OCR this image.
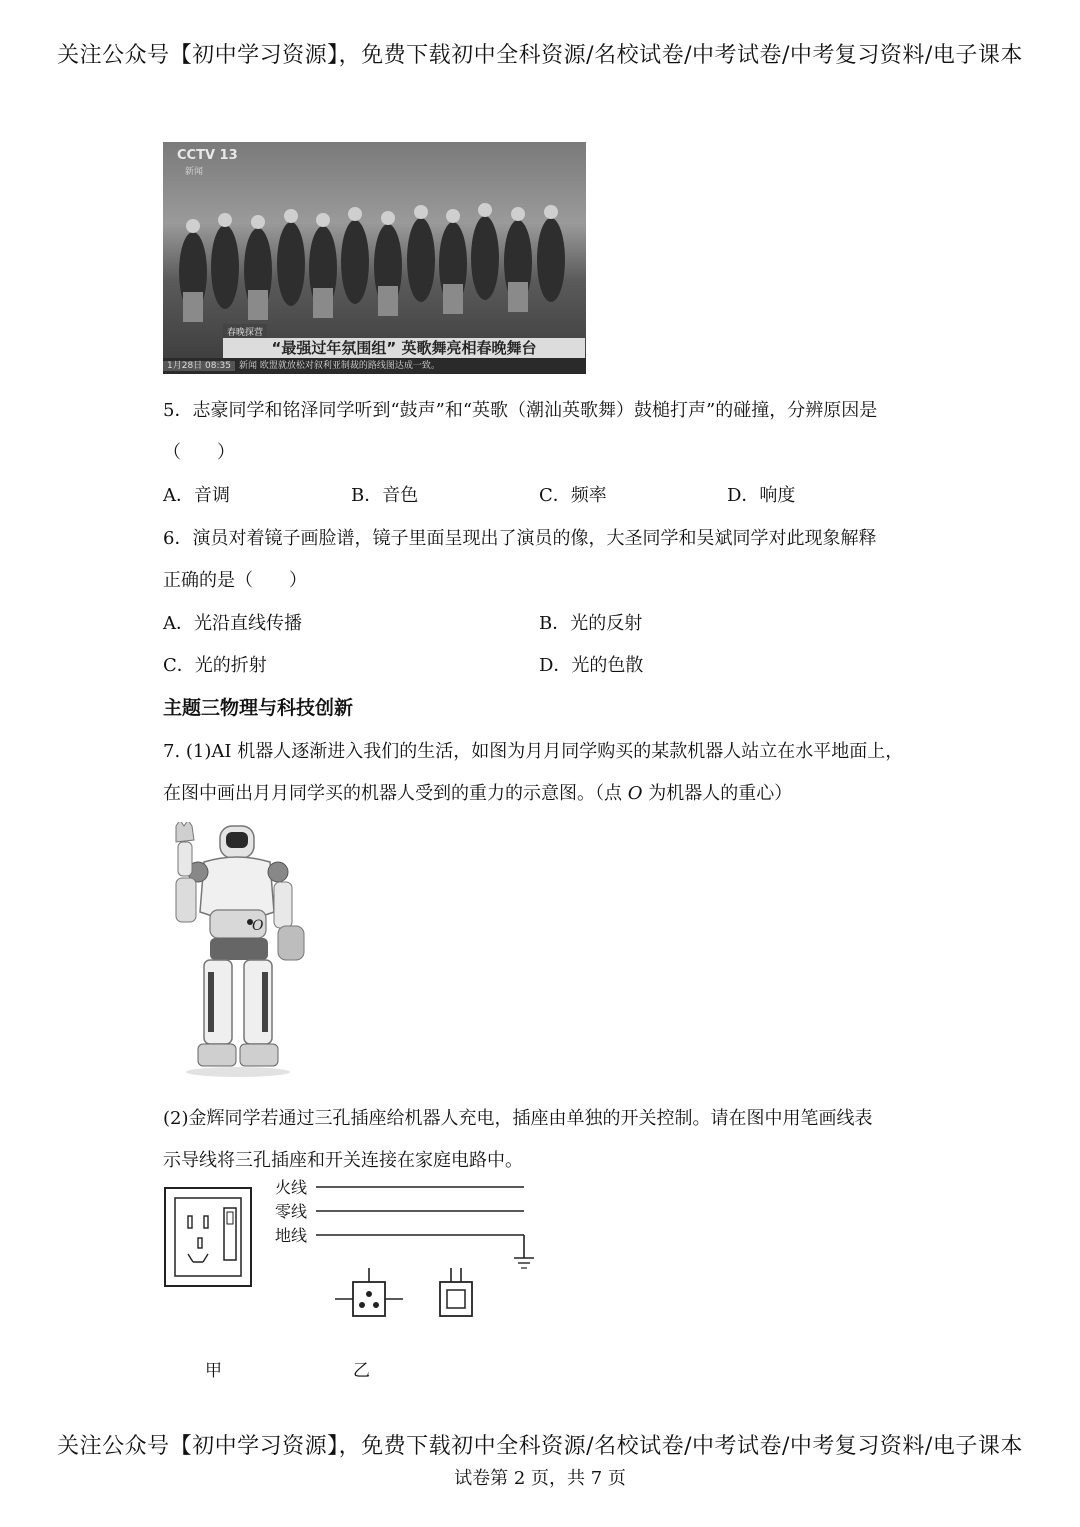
关注公众号【初中学习资源】，免费下载初中全科资源/名校试卷/中考试卷/中考复习资料/电子课本
CCTV 13
新闻
春晚探营
“最强过年氛围组” 英歌舞亮相春晚舞台
1月28日 08:35 新闻 欧盟就放松对叙利亚制裁的路线图达成一致。
5．志豪同学和铭泽同学听到“鼓声”和“英歌（潮汕英歌舞）鼓槌打声”的碰撞，分辨原因是
（　　）
A．音调	B．音色	C．频率	D．响度
6．演员对着镜子画脸谱，镜子里面呈现出了演员的像，大圣同学和吴斌同学对此现象解释
正确的是（　　）
A．光沿直线传播	B．光的反射
C．光的折射	D．光的色散
主题三物理与科技创新
7. (1)AI 机器人逐渐进入我们的生活，如图为月月同学购买的某款机器人站立在水平地面上，
在图中画出月月同学买的机器人受到的重力的示意图。（点 O 为机器人的重心）
O
(2)金辉同学若通过三孔插座给机器人充电，插座由单独的开关控制。请在图中用笔画线表
示导线将三孔插座和开关连接在家庭电路中。
火线
零线
地线
甲	乙
关注公众号【初中学习资源】，免费下载初中全科资源/名校试卷/中考试卷/中考复习资料/电子课本
试卷第 2 页，共 7 页
